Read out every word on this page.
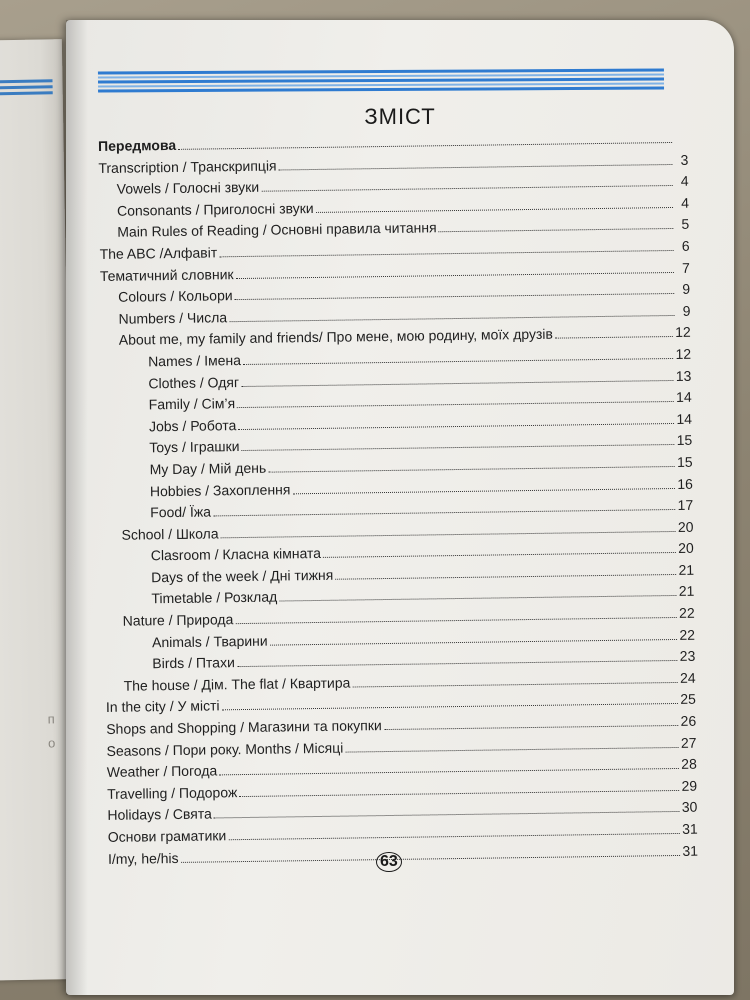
п
о
ЗМІСТ
Передмова
Transcription / Транскрипція	3
Vowels / Голосні звуки	4
Consonants / Приголосні звуки	4
Main Rules of Reading / Основні правила читання	5
The ABC /Алфавіт	6
Тематичний словник	7
Colours / Кольори	9
Numbers / Числа	9
About me, my family and friends/ Про мене, мою родину, моїх друзів	12
Names / Імена	12
Clothes / Одяг	13
Family / Сім’я	14
Jobs / Робота	14
Toys / Іграшки	15
My Day / Мій день	15
Hobbies / Захоплення	16
Food/ Їжа	17
School / Школа	20
Clasroom / Класна кімната	20
Days of the week / Дні тижня	21
Timetable / Розклад	21
Nature / Природа	22
Animals / Тварини	22
Birds / Птахи	23
The house / Дім. The flat / Квартира	24
In the city / У місті	25
Shops and Shopping / Магазини та покупки	26
Seasons / Пори року. Months / Місяці	27
Weather / Погода	28
Travelling / Подорож	29
Holidays / Свята	30
Основи граматики	31
I/my, he/his	31
63
